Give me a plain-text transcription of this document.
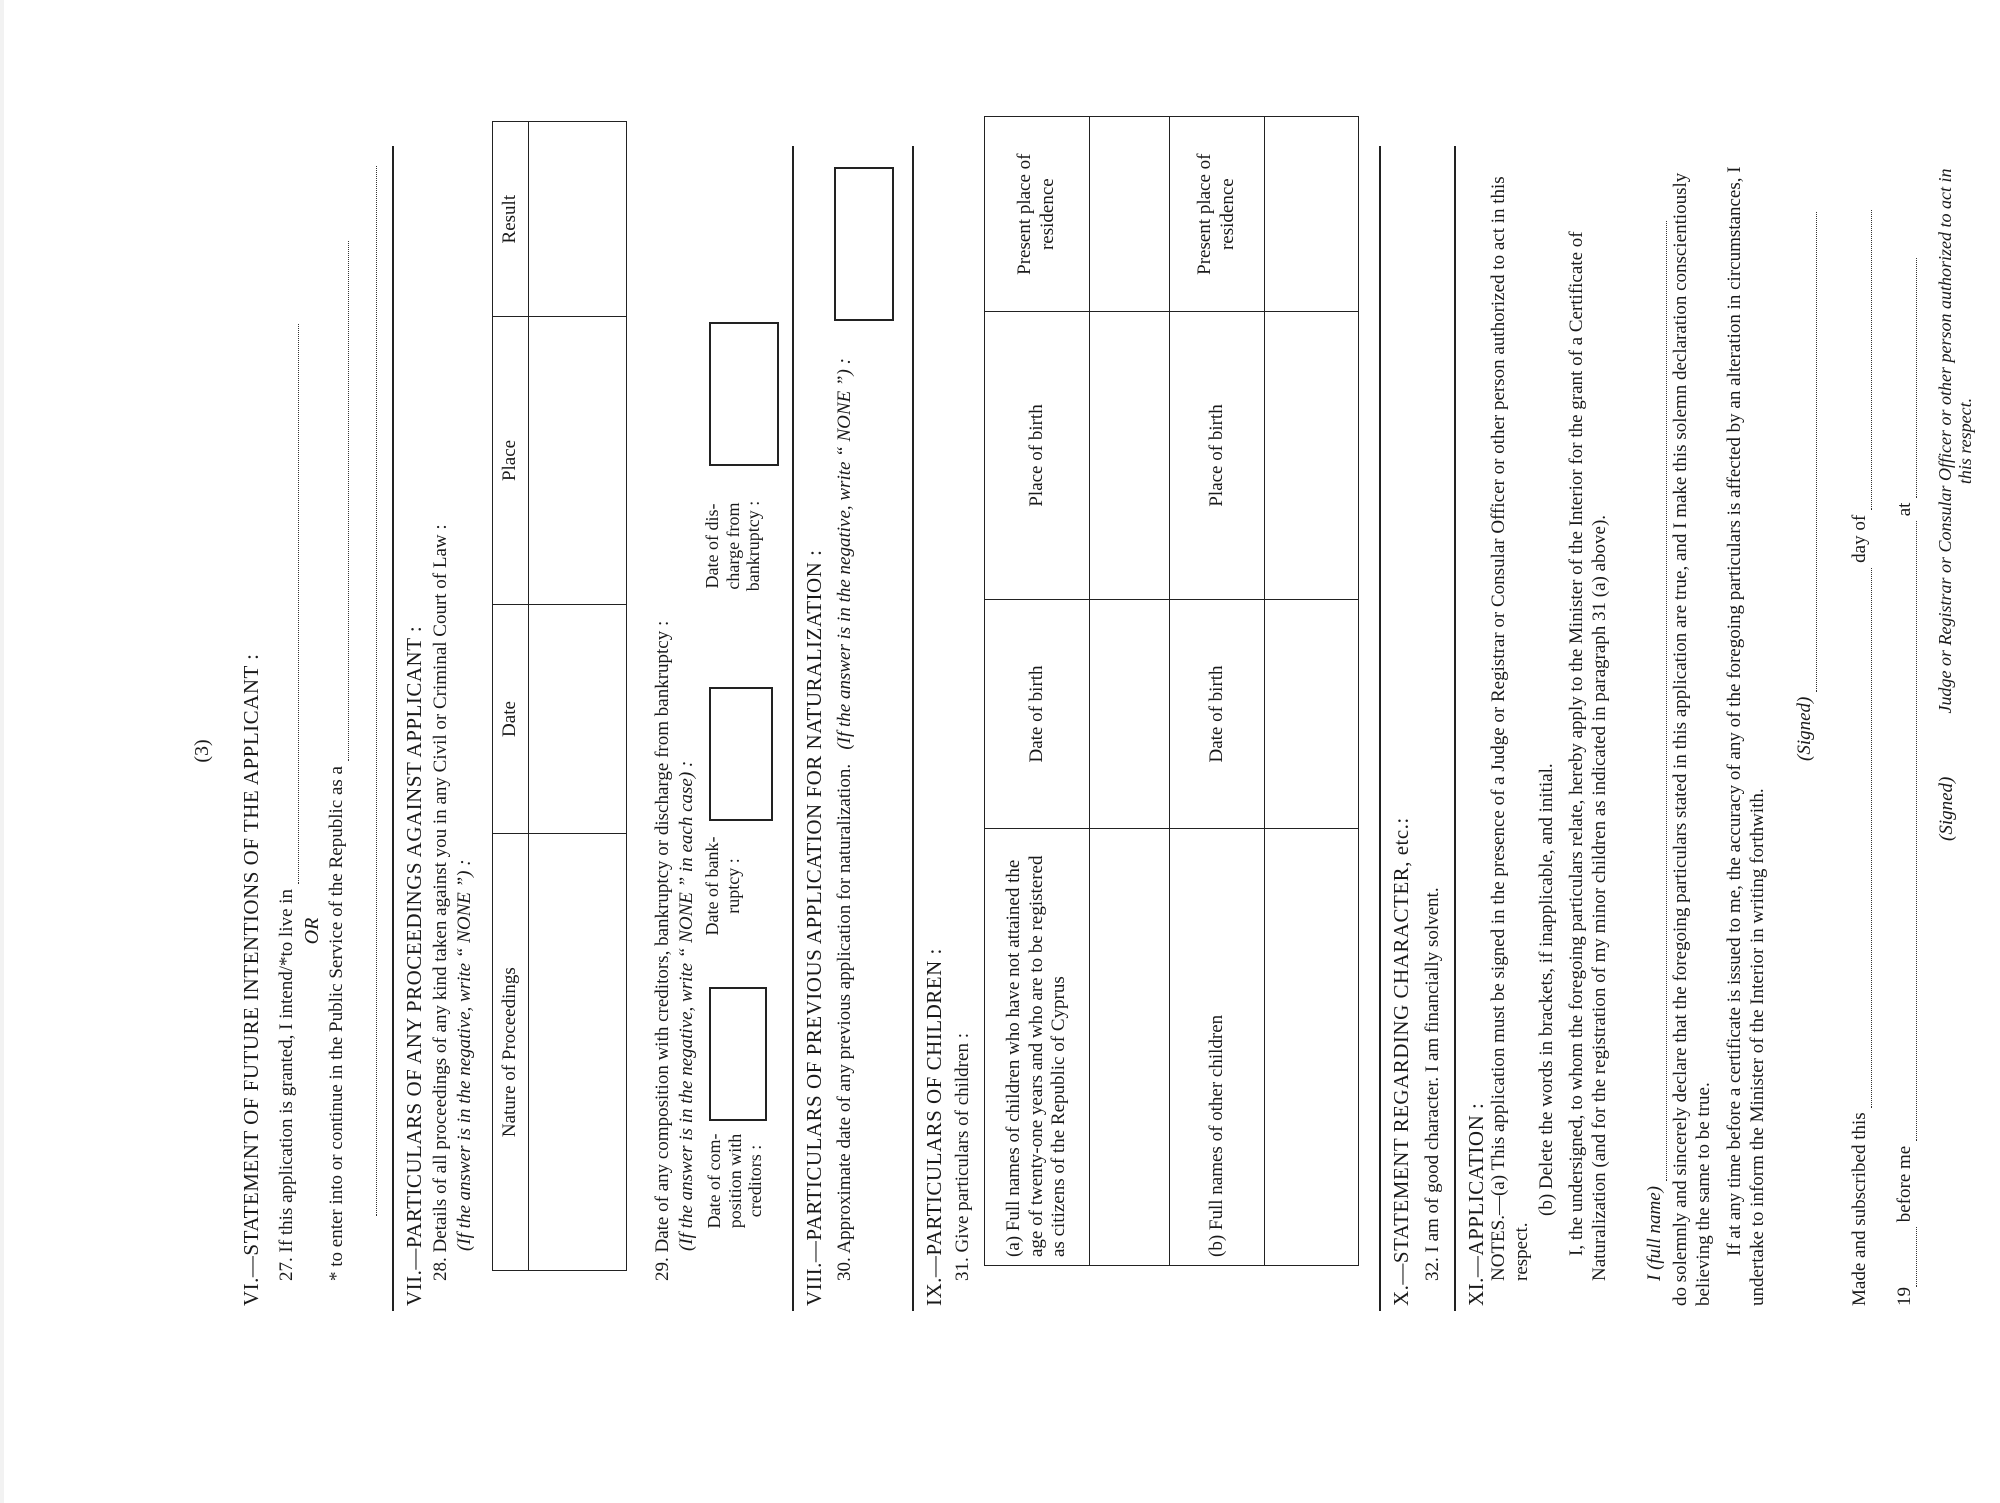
(3) VI.—STATEMENT OF FUTURE INTENTIONS OF THE APPLICANT : 27. If this application is granted, I intend/*to live in OR * to enter into or continue in the Public Service of the Republic as a	VII.—PARTICULARS OF ANY PROCEEDINGS AGAINST APPLICANT : 28. Details of all proceedings of any kind taken against you in any Civil or Criminal Court of Law : (If the answer is in the negative, write “ NONE ”) : Nature of Proceedings	Date	Place	Result

29. Date of any composition with creditors, bankruptcy or discharge from bankruptcy : (If the answer is in the negative, write “ NONE ” in each case) : Date of com-position with creditors :
Date of bank-ruptcy :
Date of dis-charge from bankruptcy :
VIII.—PARTICULARS OF PREVIOUS APPLICATION FOR NATURALIZATION : 30. Approximate date of any previous application for naturalization.   (If the answer is in the negative, write “ NONE ”) :
IX.—PARTICULARS OF CHILDREN : 31. Give particulars of children : (a) Full names of children who have not attained the age of twenty-one years and who are to be registered as citizens of the Republic of Cyprus	Date of birth	Place of birth	Present place of residence

(b) Full names of other children	Date of birth	Place of birth	Present place of residence

X.—STATEMENT REGARDING CHARACTER, etc.: 32. I am of good character. I am financially solvent. XI.—APPLICATION : NOTES.—(a) This application must be signed in the presence of a Judge or Registrar or Consular Officer or other person authorized to act in this respect.
(b) Delete the words in brackets, if inapplicable, and initial. I, the undersigned, to whom the foregoing particulars relate, hereby apply to the Minister of the Interior for the grant of a Certificate of Naturalization (and for the registration of my minor children as indicated in paragraph 31 (a) above). I (full name) do solemnly and sincerely declare that the foregoing particulars stated in this application are true, and I make this solemn declaration conscientiously believing the same to be true. If at any time before a certificate is issued to me, the accuracy of any of the foregoing particulars is affected by an alteration in circumstances, I undertake to inform the Minister of the Interior in writing forthwith.
(Signed)
Made and subscribed this  day of
19 before me  at
(Signed)
Judge or Registrar or Consular Officer or other person authorized to act in this respect.
